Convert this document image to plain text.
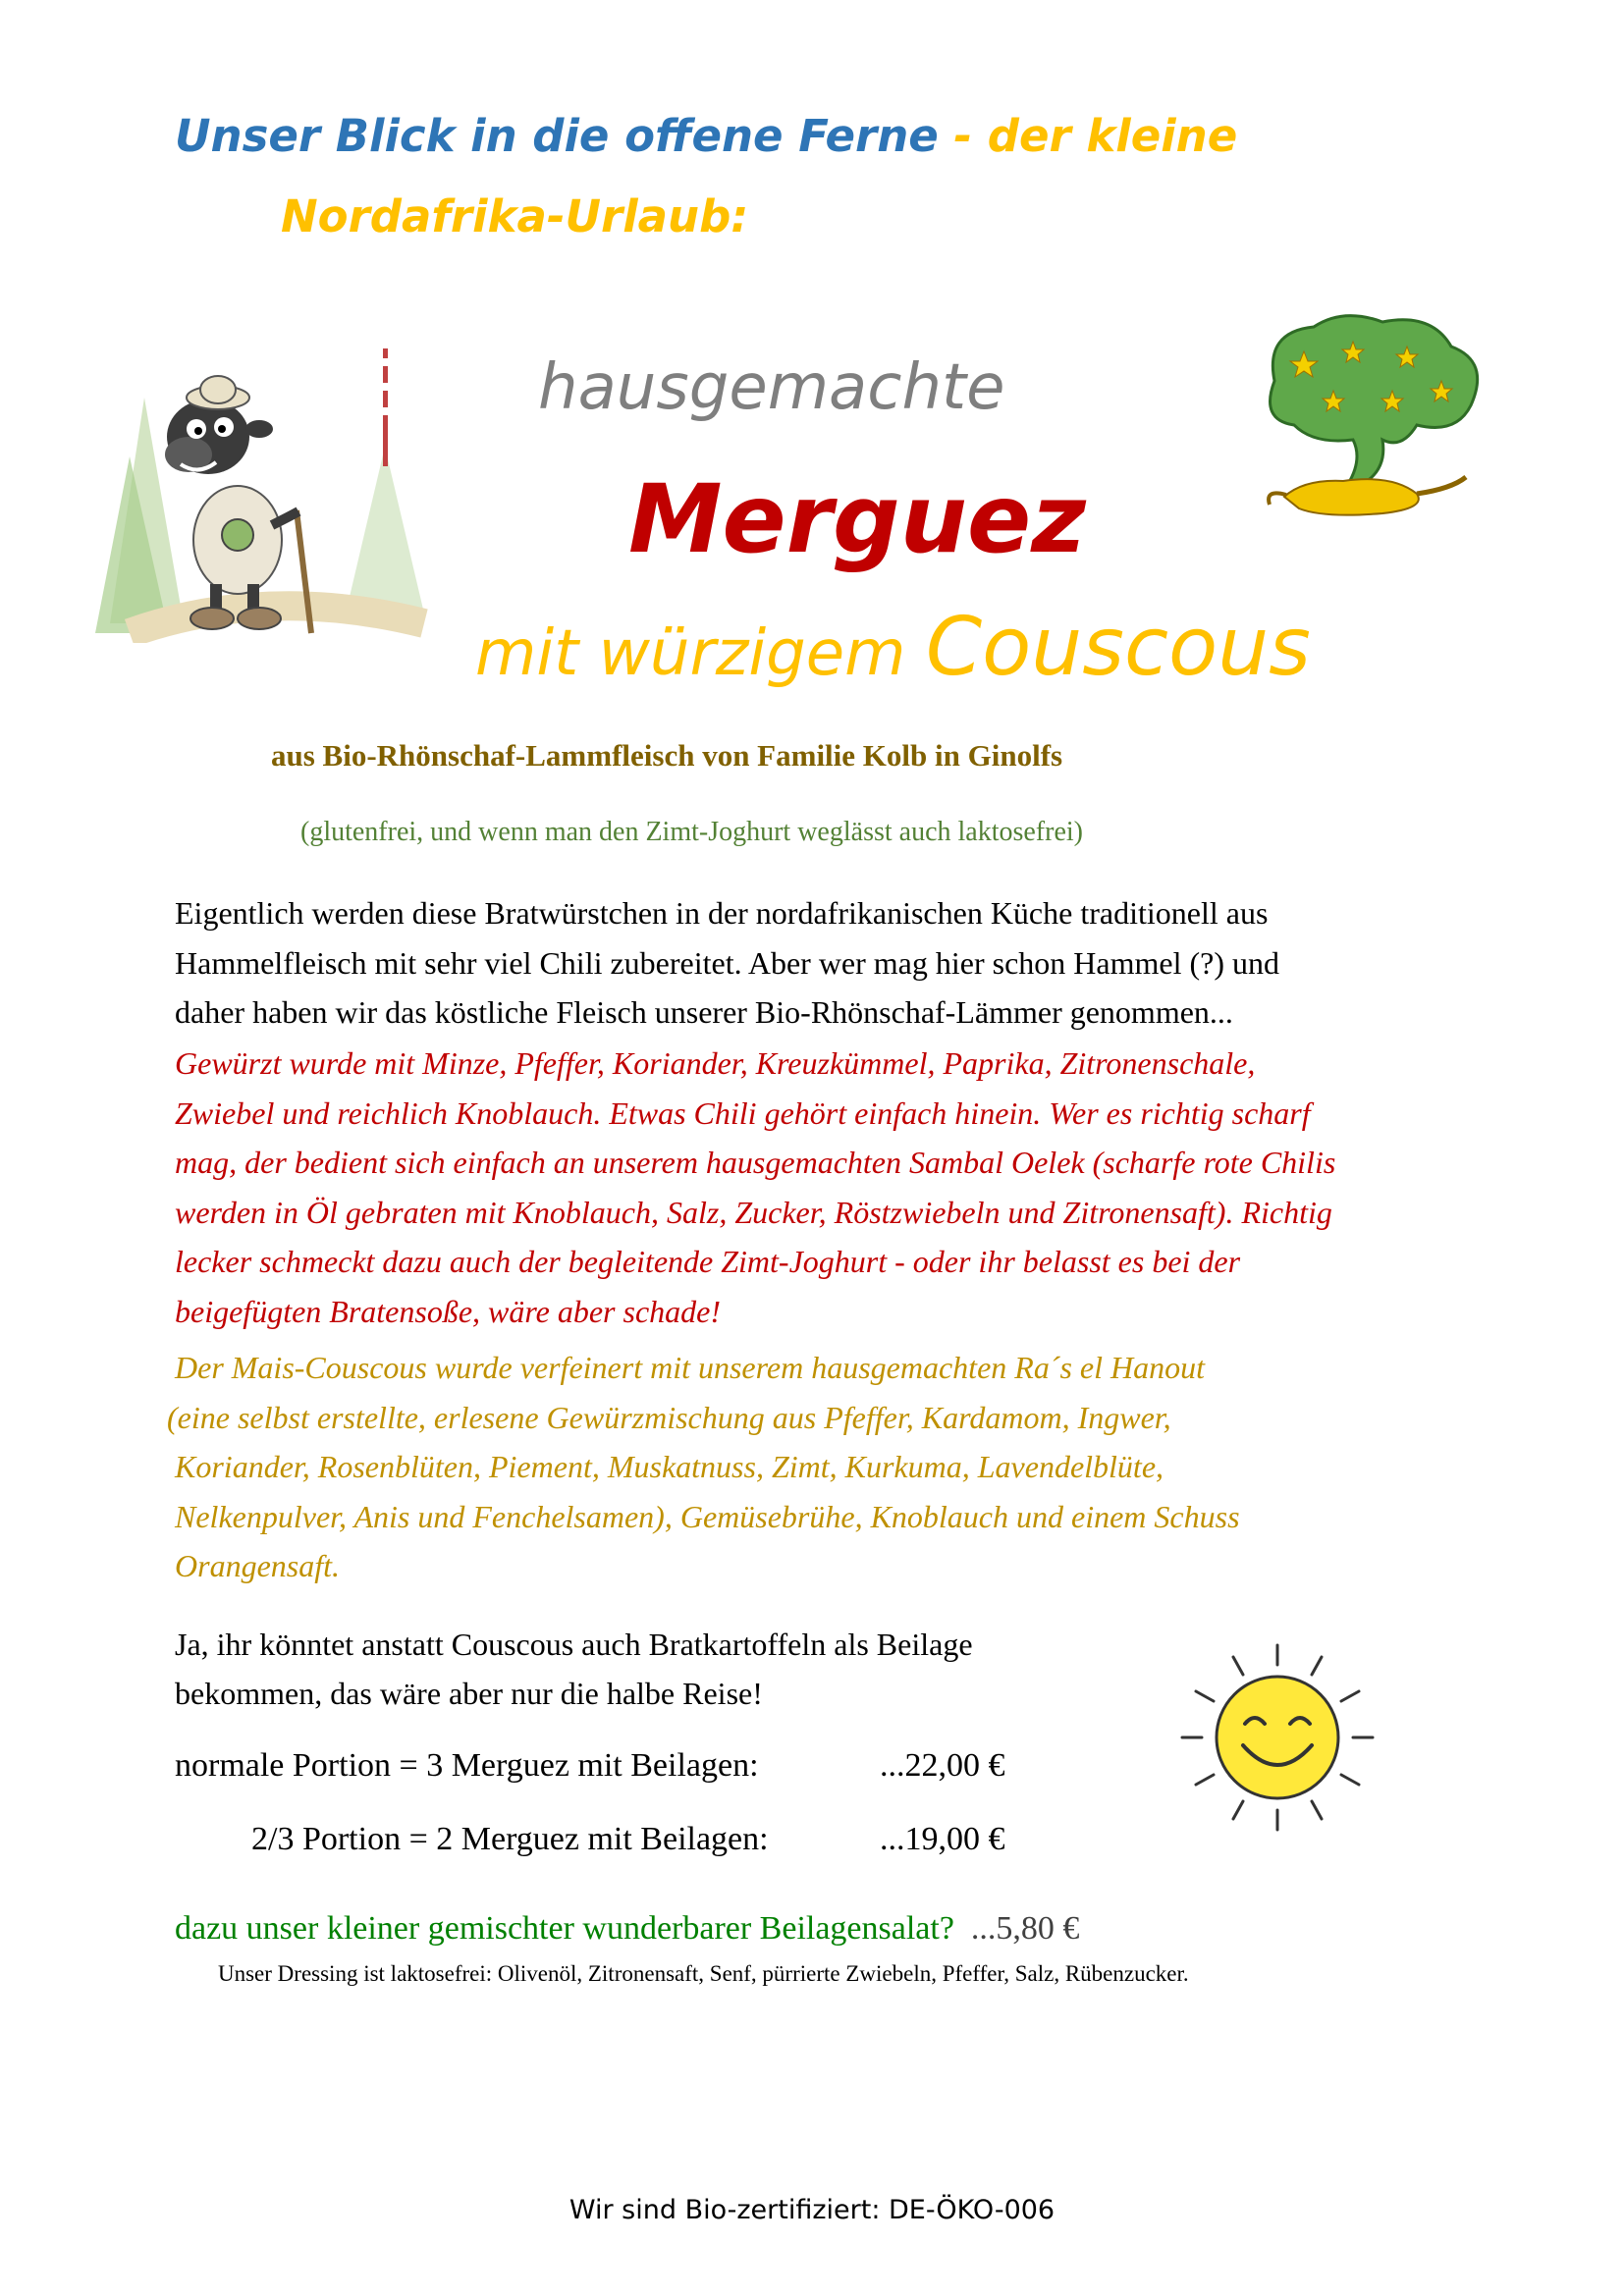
Unser Blick in die offene Ferne - der kleine
Nordafrika-Urlaub:
hausgemachte
Merguez
mit würzigem Couscous
aus Bio-Rhönschaf-Lammfleisch von Familie Kolb in Ginolfs
(glutenfrei, und wenn man den Zimt-Joghurt weglässt auch laktosefrei)
Eigentlich werden diese Bratwürstchen in der nordafrikanischen Küche traditionell aus
Hammelfleisch mit sehr viel Chili zubereitet. Aber wer mag hier schon Hammel (?) und
daher haben wir das köstliche Fleisch unserer Bio-Rhönschaf-Lämmer genommen...
Gewürzt wurde mit Minze, Pfeffer, Koriander, Kreuzkümmel, Paprika, Zitronenschale,
Zwiebel und reichlich Knoblauch. Etwas Chili gehört einfach hinein. Wer es richtig scharf
mag, der bedient sich einfach an unserem hausgemachten Sambal Oelek (scharfe rote Chilis
werden in Öl gebraten mit Knoblauch, Salz, Zucker, Röstzwiebeln und Zitronensaft). Richtig
lecker schmeckt dazu auch der begleitende Zimt-Joghurt - oder ihr belasst es bei der
beigefügten Bratensoße, wäre aber schade!
Der Mais-Couscous wurde verfeinert mit unserem hausgemachten Ra´s el Hanout
(eine selbst erstellte, erlesene Gewürzmischung aus Pfeffer, Kardamom, Ingwer,
Koriander, Rosenblüten, Piement, Muskatnuss, Zimt, Kurkuma, Lavendelblüte,
Nelkenpulver, Anis und Fenchelsamen), Gemüsebrühe, Knoblauch und einem Schuss
Orangensaft.
Ja, ihr könntet anstatt Couscous auch Bratkartoffeln als Beilage
bekommen, das wäre aber nur die halbe Reise!
normale Portion = 3 Merguez mit Beilagen:	...22,00 €
2/3 Portion = 2 Merguez mit Beilagen:	...19,00 €
dazu unser kleiner gemischter wunderbarer Beilagensalat? ...5,80 €
Unser Dressing ist laktosefrei: Olivenöl, Zitronensaft, Senf, pürrierte Zwiebeln, Pfeffer, Salz, Rübenzucker.
Wir sind Bio-zertifiziert: DE-ÖKO-006
